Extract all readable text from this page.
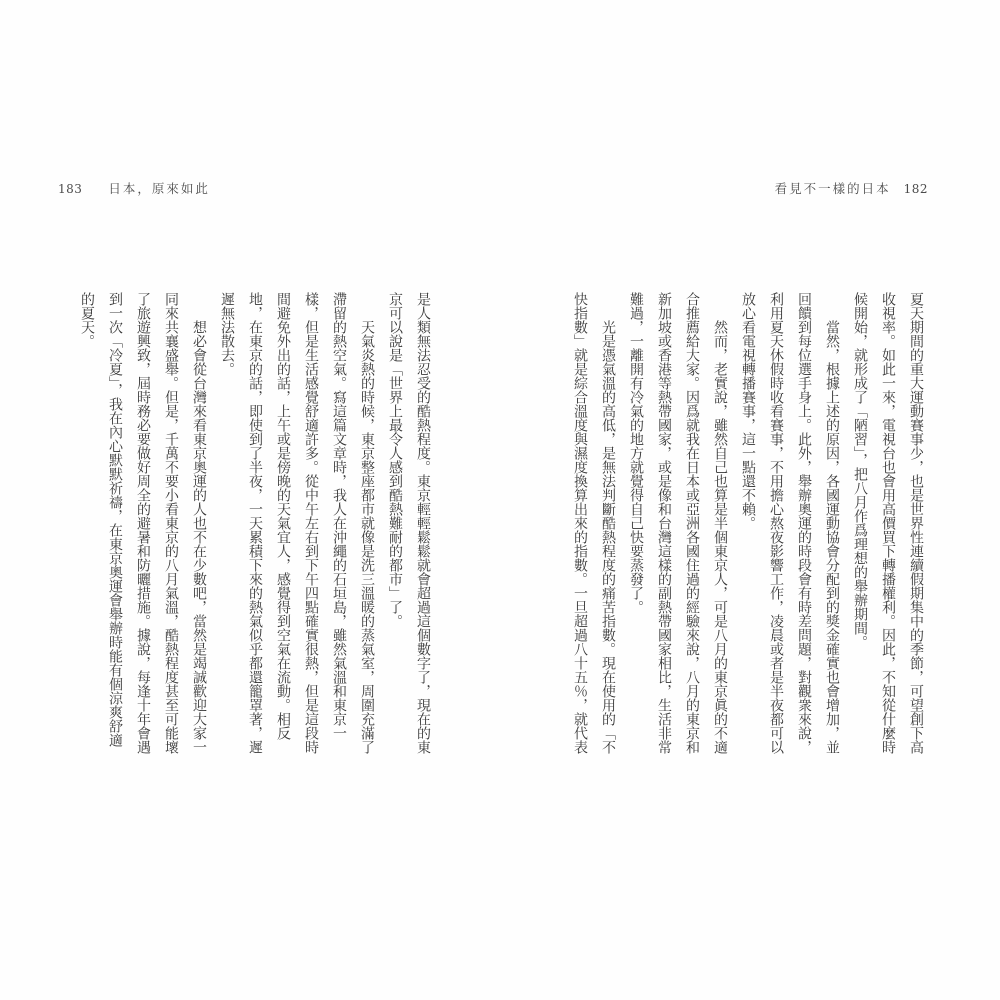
183 日本，原來如此	看見不一樣的日本 182

夏天期間的重大運動賽事少，也是世界性連續假期集中的季節，可望創下高收視率。如此一來，電視台也會用高價買下轉播權利。因此，不知從什麼時候開始，就形成了「陋習」，把八月作爲理想的舉辦期間。

當然，根據上述的原因，各國運動協會分配到的獎金確實也會增加，並回饋到每位選手身上。此外，舉辦奧運的時段會有時差問題，對觀衆來說，利用夏天休假時收看賽事，不用擔心熬夜影響工作，凌晨或者是半夜都可以放心看電視轉播賽事，這一點還不賴。

然而，老實說，雖然自己也算是半個東京人，可是八月的東京眞的不適合推薦給大家。因爲就我在日本或亞洲各國住過的經驗來說，八月的東京和新加坡或香港等熱帶國家，或是像和台灣這樣的副熱帶國家相比，生活非常難過，一離開有冷氣的地方就覺得自己快要蒸發了。

光是憑氣溫的高低，是無法判斷酷熱程度的痛苦指數。現在使用的「不快指數」就是綜合溫度與濕度換算出來的指數。一旦超過八十五％，就代表

是人類無法忍受的酷熱程度。東京輕輕鬆鬆就會超過這個數字了，現在的東京可以說是「世界上最令人感到酷熱難耐的都市」了。

天氣炎熱的時候，東京整座都市就像是洗三溫暖的蒸氣室，周圍充滿了滯留的熱空氣。寫這篇文章時，我人在沖繩的石垣島，雖然氣溫和東京一樣，但是生活感覺舒適許多。從中午左右到下午四點確實很熱，但是這段時間避免外出的話，上午或是傍晚的天氣宜人，感覺得到空氣在流動。相反地，在東京的話，即使到了半夜，一天累積下來的熱氣似乎都還籠罩著，遲遲無法散去。

想必會從台灣來看東京奧運的人也不在少數吧，當然是竭誠歡迎大家一同來共襄盛舉。但是，千萬不要小看東京的八月氣溫，酷熱程度甚至可能壞了旅遊興致，屆時務必要做好周全的避暑和防曬措施。據說，每逢十年會遇到一次「冷夏」，我在內心默默祈禱，在東京奧運會舉辦時能有個涼爽舒適的夏天。
